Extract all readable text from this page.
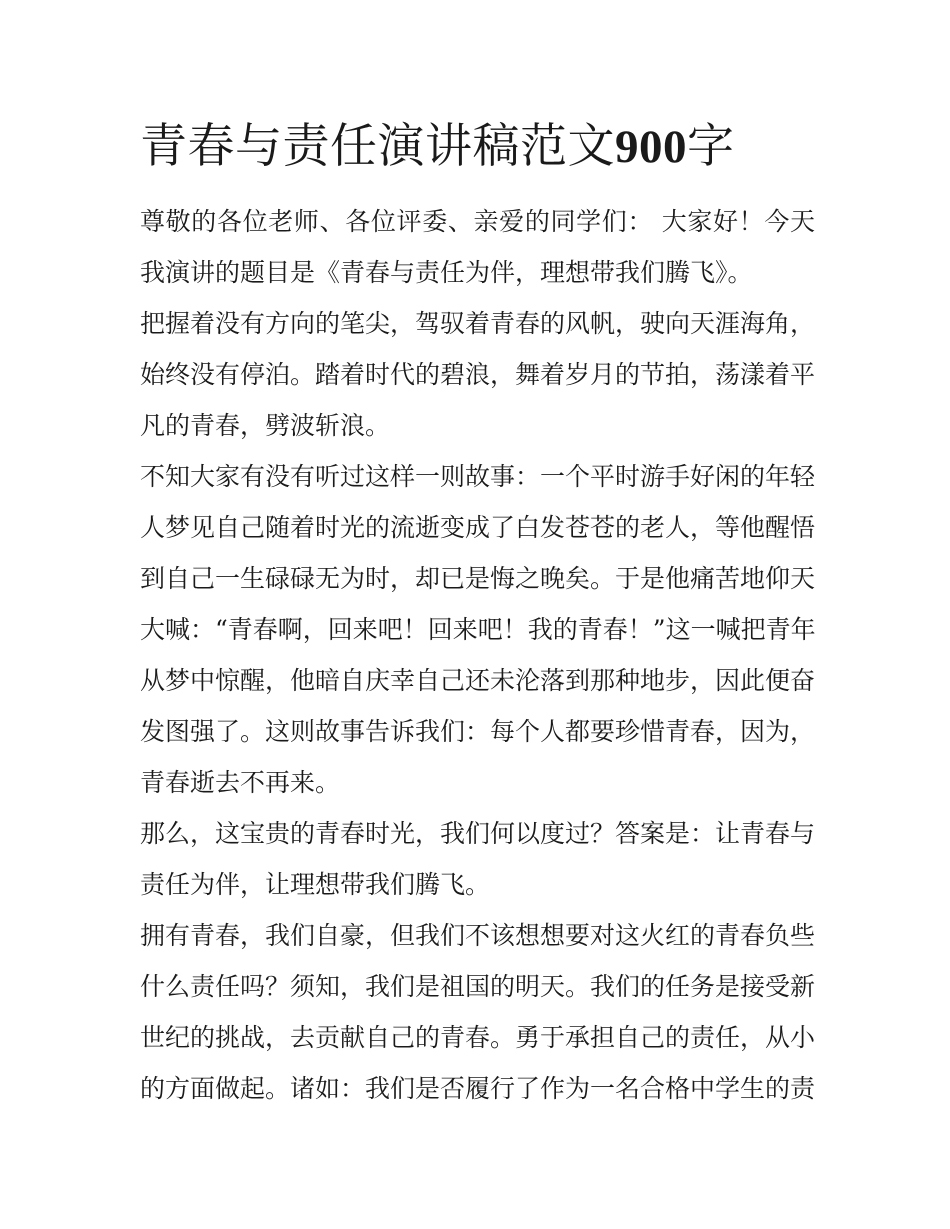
青春与责任演讲稿范文900字

尊敬的各位老师、各位评委、亲爱的同学们： 大家好！今天
我演讲的题目是《青春与责任为伴，理想带我们腾飞》。

把握着没有方向的笔尖，驾驭着青春的风帆，驶向天涯海角，
始终没有停泊。踏着时代的碧浪，舞着岁月的节拍，荡漾着平
凡的青春，劈波斩浪。

不知大家有没有听过这样一则故事：一个平时游手好闲的年轻
人梦见自己随着时光的流逝变成了白发苍苍的老人，等他醒悟
到自己一生碌碌无为时，却已是悔之晚矣。于是他痛苦地仰天
大喊：“青春啊，回来吧！回来吧！我的青春！”这一喊把青年
从梦中惊醒，他暗自庆幸自己还未沦落到那种地步，因此便奋
发图强了。这则故事告诉我们：每个人都要珍惜青春，因为，
青春逝去不再来。

那么，这宝贵的青春时光，我们何以度过？答案是：让青春与
责任为伴，让理想带我们腾飞。

拥有青春，我们自豪，但我们不该想想要对这火红的青春负些
什么责任吗？须知，我们是祖国的明天。我们的任务是接受新
世纪的挑战，去贡献自己的青春。勇于承担自己的责任，从小
的方面做起。诸如：我们是否履行了作为一名合格中学生的责
